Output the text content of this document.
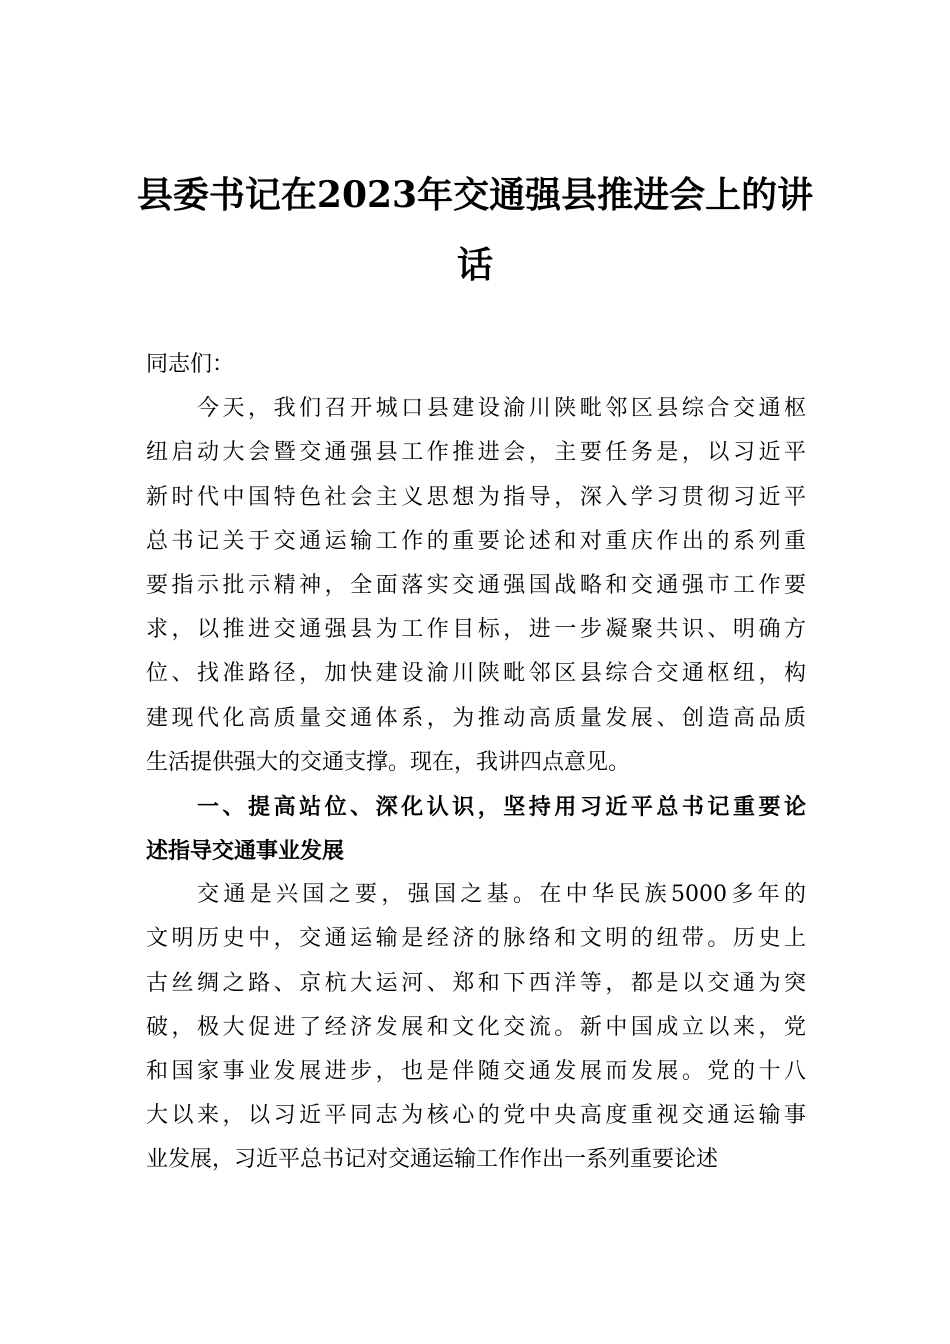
县委书记在2023年交通强县推进会上的讲
话
同志们：
今天，我们召开城口县建设渝川陕毗邻区县综合交通枢
纽启动大会暨交通强县工作推进会，主要任务是，以习近平
新时代中国特色社会主义思想为指导，深入学习贯彻习近平
总书记关于交通运输工作的重要论述和对重庆作出的系列重
要指示批示精神，全面落实交通强国战略和交通强市工作要
求，以推进交通强县为工作目标，进一步凝聚共识、明确方
位、找准路径，加快建设渝川陕毗邻区县综合交通枢纽，构
建现代化高质量交通体系，为推动高质量发展、创造高品质
生活提供强大的交通支撑。现在，我讲四点意见。
一、提高站位、深化认识，坚持用习近平总书记重要论
述指导交通事业发展
交通是兴国之要，强国之基。在中华民族5000多年的
文明历史中，交通运输是经济的脉络和文明的纽带。历史上
古丝绸之路、京杭大运河、郑和下西洋等，都是以交通为突
破，极大促进了经济发展和文化交流。新中国成立以来，党
和国家事业发展进步，也是伴随交通发展而发展。党的十八
大以来，以习近平同志为核心的党中央高度重视交通运输事
业发展，习近平总书记对交通运输工作作出一系列重要论述
